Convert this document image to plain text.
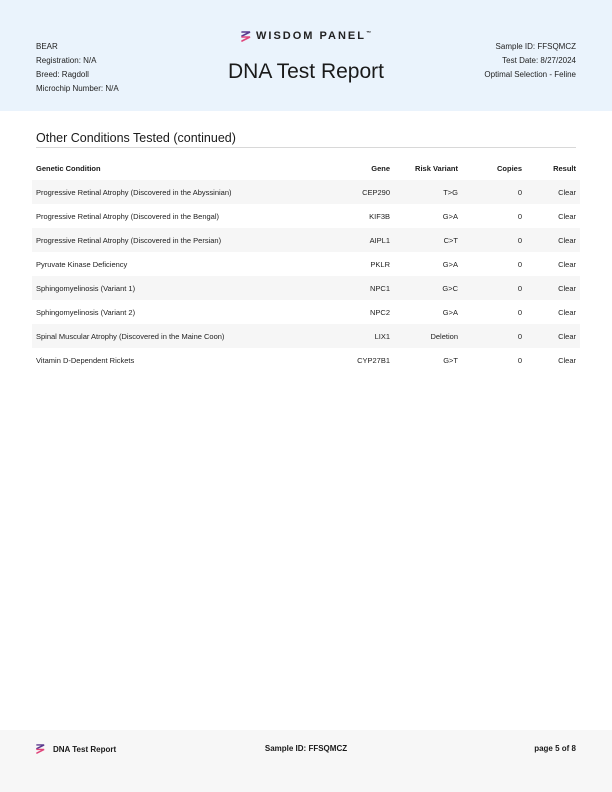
BEAR
Registration: N/A
Breed: Ragdoll
Microchip Number: N/A
WISDOM PANEL™
DNA Test Report
Sample ID: FFSQMCZ
Test Date: 8/27/2024
Optimal Selection - Feline
Other Conditions Tested (continued)
Genetic Condition	Gene	Risk Variant	Copies	Result
Progressive Retinal Atrophy (Discovered in the Abyssinian)	CEP290	T>G	0	Clear
Progressive Retinal Atrophy (Discovered in the Bengal)	KIF3B	G>A	0	Clear
Progressive Retinal Atrophy (Discovered in the Persian)	AIPL1	C>T	0	Clear
Pyruvate Kinase Deficiency	PKLR	G>A	0	Clear
Sphingomyelinosis (Variant 1)	NPC1	G>C	0	Clear
Sphingomyelinosis (Variant 2)	NPC2	G>A	0	Clear
Spinal Muscular Atrophy (Discovered in the Maine Coon)	LIX1	Deletion	0	Clear
Vitamin D-Dependent Rickets	CYP27B1	G>T	0	Clear
DNA Test Report	Sample ID: FFSQMCZ	page 5 of 8
